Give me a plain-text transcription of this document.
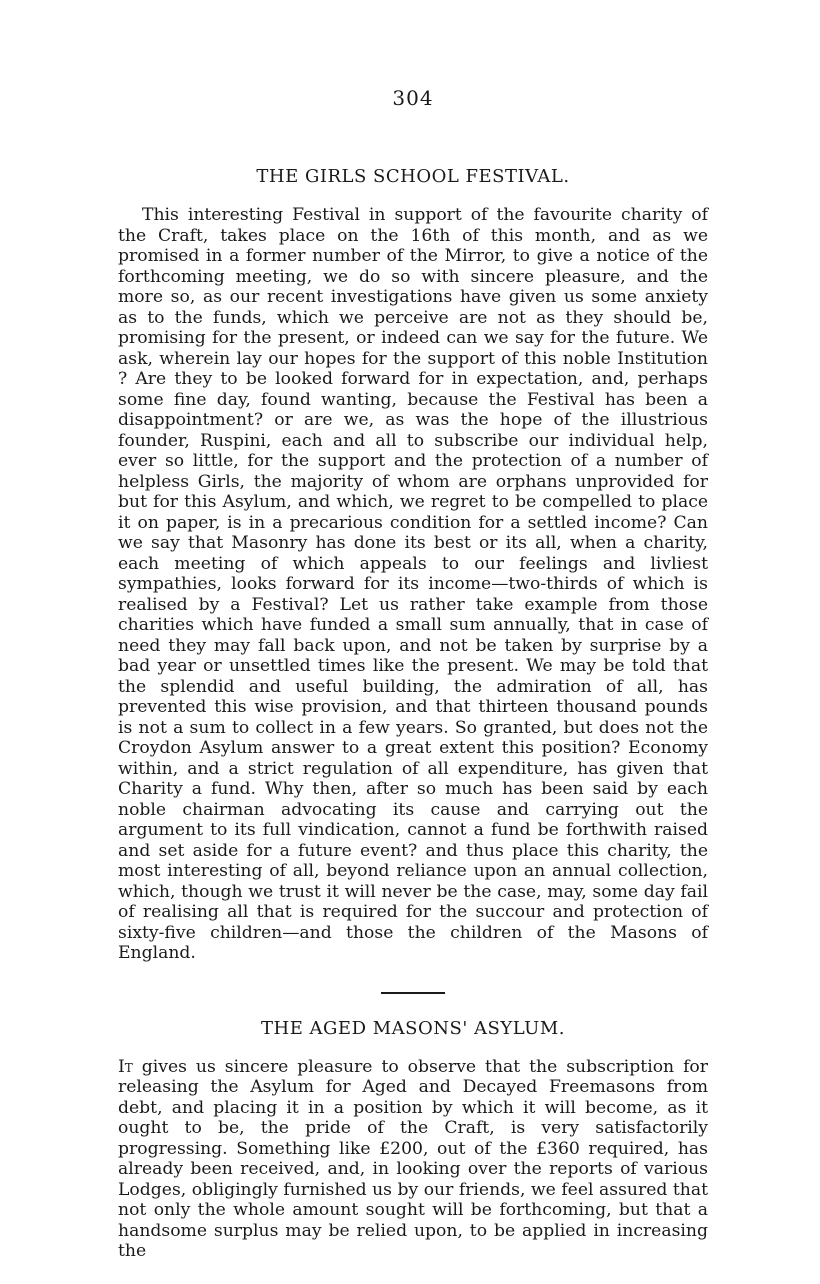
304
THE GIRLS SCHOOL FESTIVAL.

This interesting Festival in support of the favourite charity of the Craft, takes place on the 16th of this month, and as we promised in a former number of the Mirror, to give a notice of the forthcoming meeting, we do so with sincere pleasure, and the more so, as our recent investigations have given us some anxiety as to the funds, which we perceive are not as they should be, promising for the present, or indeed can we say for the future. We ask, wherein lay our hopes for the support of this noble Institution ? Are they to be looked forward for in expectation, and, perhaps some fine day, found wanting, because the Festival has been a disappointment? or are we, as was the hope of the illustrious founder, Ruspini, each and all to subscribe our individual help, ever so little, for the support and the protection of a number of helpless Girls, the majority of whom are orphans unprovided for but for this Asylum, and which, we regret to be compelled to place it on paper, is in a precarious condition for a settled income? Can we say that Masonry has done its best or its all, when a charity, each meeting of which appeals to our feelings and livliest sympathies, looks forward for its income—two-thirds of which is realised by a Festival? Let us rather take example from those charities which have funded a small sum annually, that in case of need they may fall back upon, and not be taken by surprise by a bad year or unsettled times like the present. We may be told that the splendid and useful building, the admiration of all, has prevented this wise provision, and that thirteen thousand pounds is not a sum to collect in a few years. So granted, but does not the Croydon Asylum answer to a great extent this position? Economy within, and a strict regulation of all expenditure, has given that Charity a fund. Why then, after so much has been said by each noble chairman advocating its cause and carrying out the argument to its full vindication, cannot a fund be forthwith raised and set aside for a future event? and thus place this charity, the most interesting of all, beyond reliance upon an annual collection, which, though we trust it will never be the case, may, some day fail of realising all that is required for the succour and protection of sixty-five children—and those the children of the Masons of England.

THE AGED MASONS' ASYLUM.

It gives us sincere pleasure to observe that the subscription for releasing the Asylum for Aged and Decayed Freemasons from debt, and placing it in a position by which it will become, as it ought to be, the pride of the Craft, is very satisfactorily progressing. Something like £200, out of the £360 required, has already been received, and, in looking over the reports of various Lodges, obligingly furnished us by our friends, we feel assured that not only the whole amount sought will be forthcoming, but that a handsome surplus may be relied upon, to be applied in increasing the
